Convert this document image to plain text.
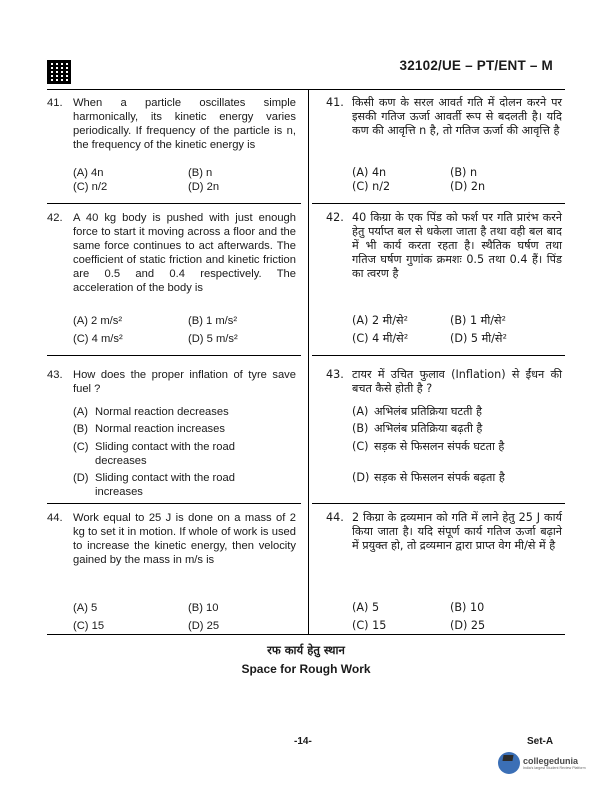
32102/UE – PT/ENT – M
41. When a particle oscillates simple harmonically, its kinetic energy varies periodically. If frequency of the particle is n, the frequency of the kinetic energy is
(A) 4n	(B) n
(C) n/2	(D) 2n
42. A 40 kg body is pushed with just enough force to start it moving across a floor and the same force continues to act afterwards. The coefficient of static friction and kinetic friction are 0.5 and 0.4 respectively. The acceleration of the body is
(A) 2 m/s²	(B) 1 m/s²
(C) 4 m/s²	(D) 5 m/s²
43. How does the proper inflation of tyre save fuel ?
(A) Normal reaction decreases
(B) Normal reaction increases
(C) Sliding contact with the road decreases
(D) Sliding contact with the road increases
44. Work equal to 25 J is done on a mass of 2 kg to set it in motion. If whole of work is used to increase the kinetic energy, then velocity gained by the mass in m/s is
(A) 5	(B) 10
(C) 15	(D) 25
41. किसी कण के सरल आवर्त गति में दोलन करने पर इसकी गतिज ऊर्जा आवर्ती रूप से बदलती है। यदि कण की आवृत्ति n है, तो गतिज ऊर्जा की आवृत्ति है
(A) 4n	(B) n
(C) n/2	(D) 2n
42. 40 किग्रा के एक पिंड को फर्श पर गति प्रारंभ करने हेतु पर्याप्त बल से धकेला जाता है तथा वही बल बाद में भी कार्य करता रहता है। स्थैतिक घर्षण तथा गतिज घर्षण गुणांक क्रमशः 0.5 तथा 0.4 हैं। पिंड का त्वरण है
(A) 2 मी/से²	(B) 1 मी/से²
(C) 4 मी/से²	(D) 5 मी/से²
43. टायर में उचित फुलाव (Inflation) से ईंधन की बचत कैसे होती है ?
(A) अभिलंब प्रतिक्रिया घटती है
(B) अभिलंब प्रतिक्रिया बढ़ती है
(C) सड़क से फिसलन संपर्क घटता है
(D) सड़क से फिसलन संपर्क बढ़ता है
44. 2 किग्रा के द्रव्यमान को गति में लाने हेतु 25 J कार्य किया जाता है। यदि संपूर्ण कार्य गतिज ऊर्जा बढ़ाने में प्रयुक्त हो, तो द्रव्यमान द्वारा प्राप्त वेग मी/से में है
(A) 5	(B) 10
(C) 15	(D) 25
रफ कार्य हेतु स्थान
Space for Rough Work
-14-	Set-A
collegedunia
India's largest Student Review Platform
